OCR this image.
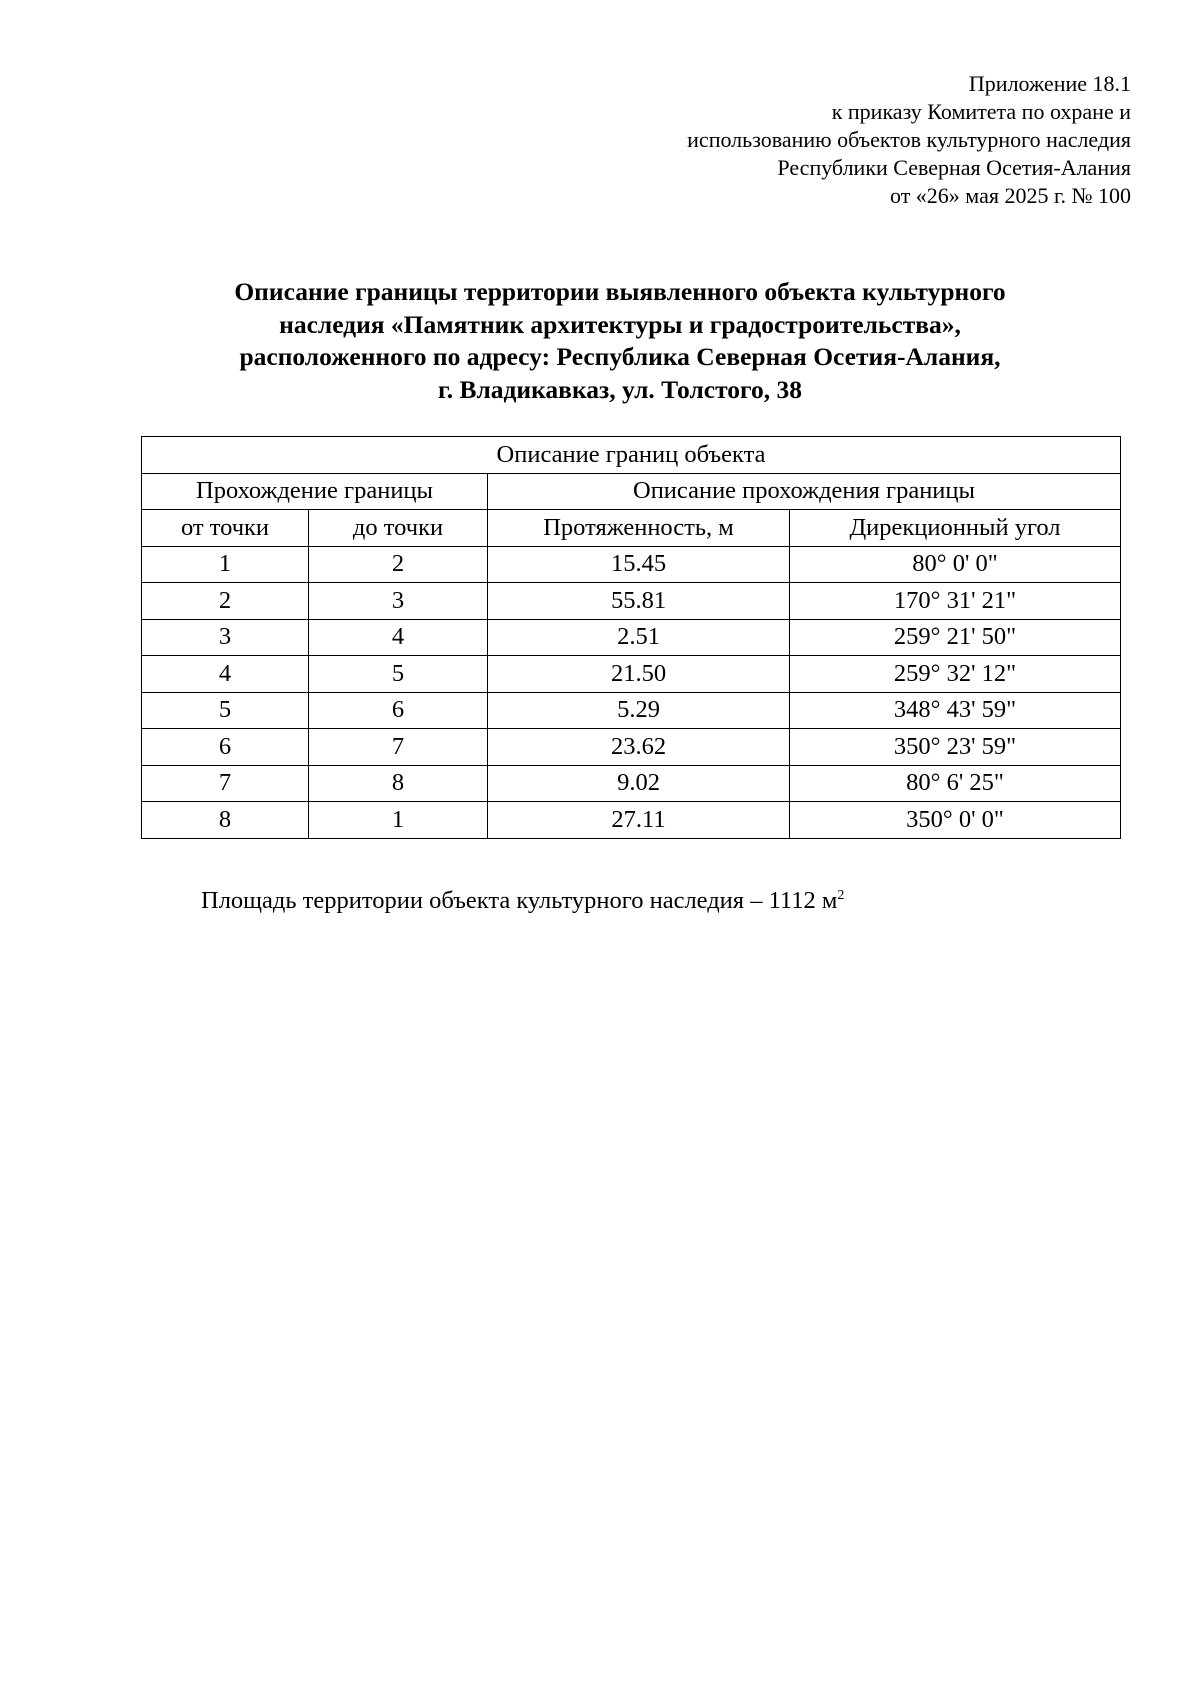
Приложение 18.1
к приказу Комитета по охране и
использованию объектов культурного наследия
Республики Северная Осетия-Алания
от «26» мая 2025 г. № 100
Описание границы территории выявленного объекта культурного
наследия «Памятник архитектуры и градостроительства»,
расположенного по адресу: Республика Северная Осетия-Алания,
г. Владикавказ, ул. Толстого, 38
Описание границ объекта			
Прохождение границы		Описание прохождения границы	
от точки	до точки	Протяженность, м	Дирекционный угол
1	2	15.45	80° 0' 0"
2	3	55.81	170° 31' 21"
3	4	2.51	259° 21' 50"
4	5	21.50	259° 32' 12"
5	6	5.29	348° 43' 59"
6	7	23.62	350° 23' 59"
7	8	9.02	80° 6' 25"
8	1	27.11	350° 0' 0"
Площадь территории объекта культурного наследия – 1112 $м^2$
